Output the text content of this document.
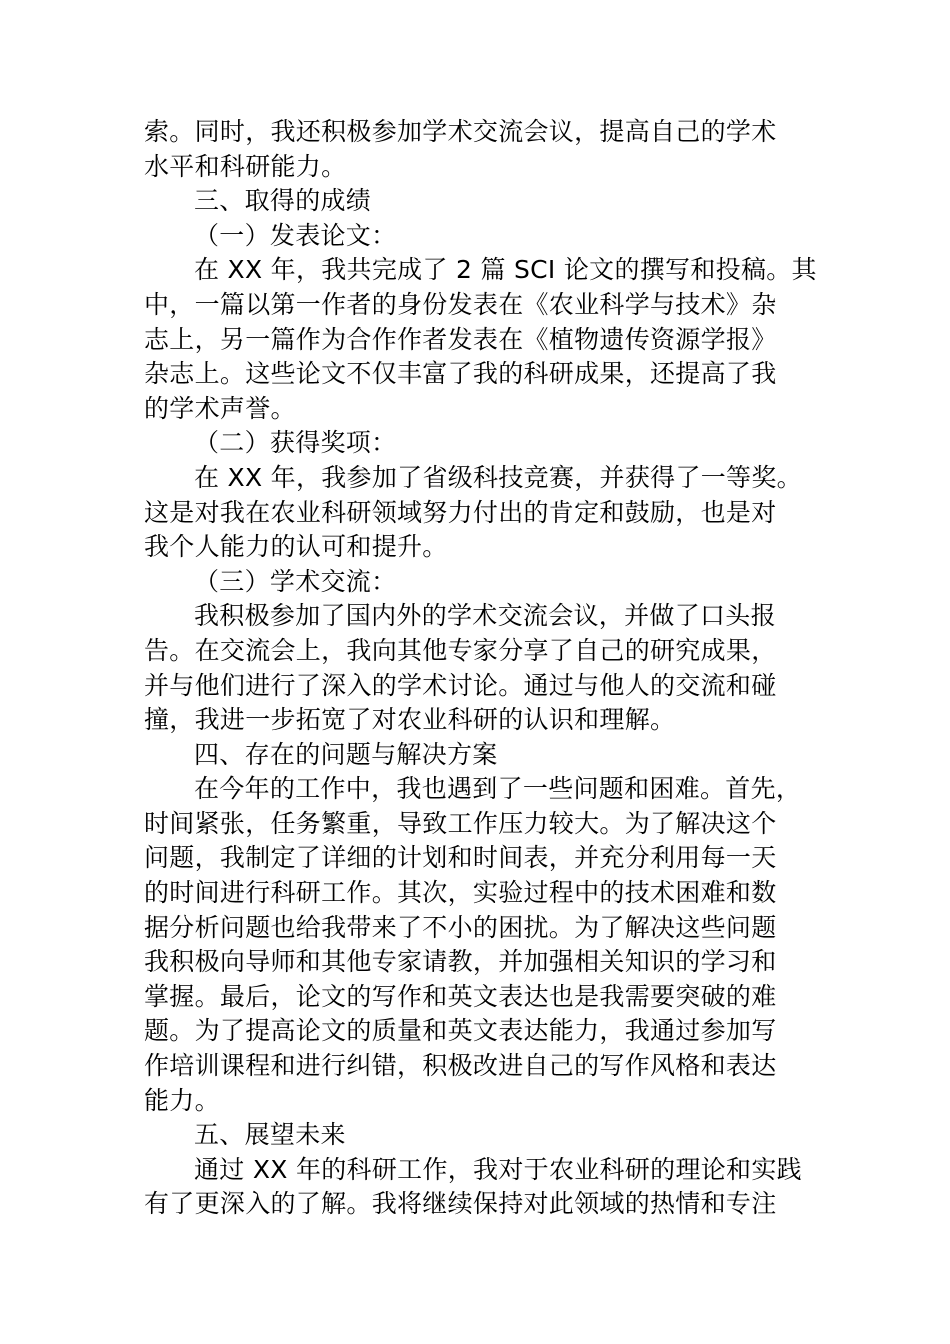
索。同时，我还积极参加学术交流会议，提高自己的学术
水平和科研能力。
三、取得的成绩
（一）发表论文：
在 XX 年，我共完成了 2 篇 SCI 论文的撰写和投稿。其
中，一篇以第一作者的身份发表在《农业科学与技术》杂
志上，另一篇作为合作作者发表在《植物遗传资源学报》
杂志上。这些论文不仅丰富了我的科研成果，还提高了我
的学术声誉。
（二）获得奖项：
在 XX 年，我参加了省级科技竞赛，并获得了一等奖。
这是对我在农业科研领域努力付出的肯定和鼓励，也是对
我个人能力的认可和提升。
（三）学术交流：
我积极参加了国内外的学术交流会议，并做了口头报
告。在交流会上，我向其他专家分享了自己的研究成果，
并与他们进行了深入的学术讨论。通过与他人的交流和碰
撞，我进一步拓宽了对农业科研的认识和理解。
四、存在的问题与解决方案
在今年的工作中，我也遇到了一些问题和困难。首先，
时间紧张，任务繁重，导致工作压力较大。为了解决这个
问题，我制定了详细的计划和时间表，并充分利用每一天
的时间进行科研工作。其次，实验过程中的技术困难和数
据分析问题也给我带来了不小的困扰。为了解决这些问题
我积极向导师和其他专家请教，并加强相关知识的学习和
掌握。最后，论文的写作和英文表达也是我需要突破的难
题。为了提高论文的质量和英文表达能力，我通过参加写
作培训课程和进行纠错，积极改进自己的写作风格和表达
能力。
五、展望未来
通过 XX 年的科研工作，我对于农业科研的理论和实践
有了更深入的了解。我将继续保持对此领域的热情和专注
